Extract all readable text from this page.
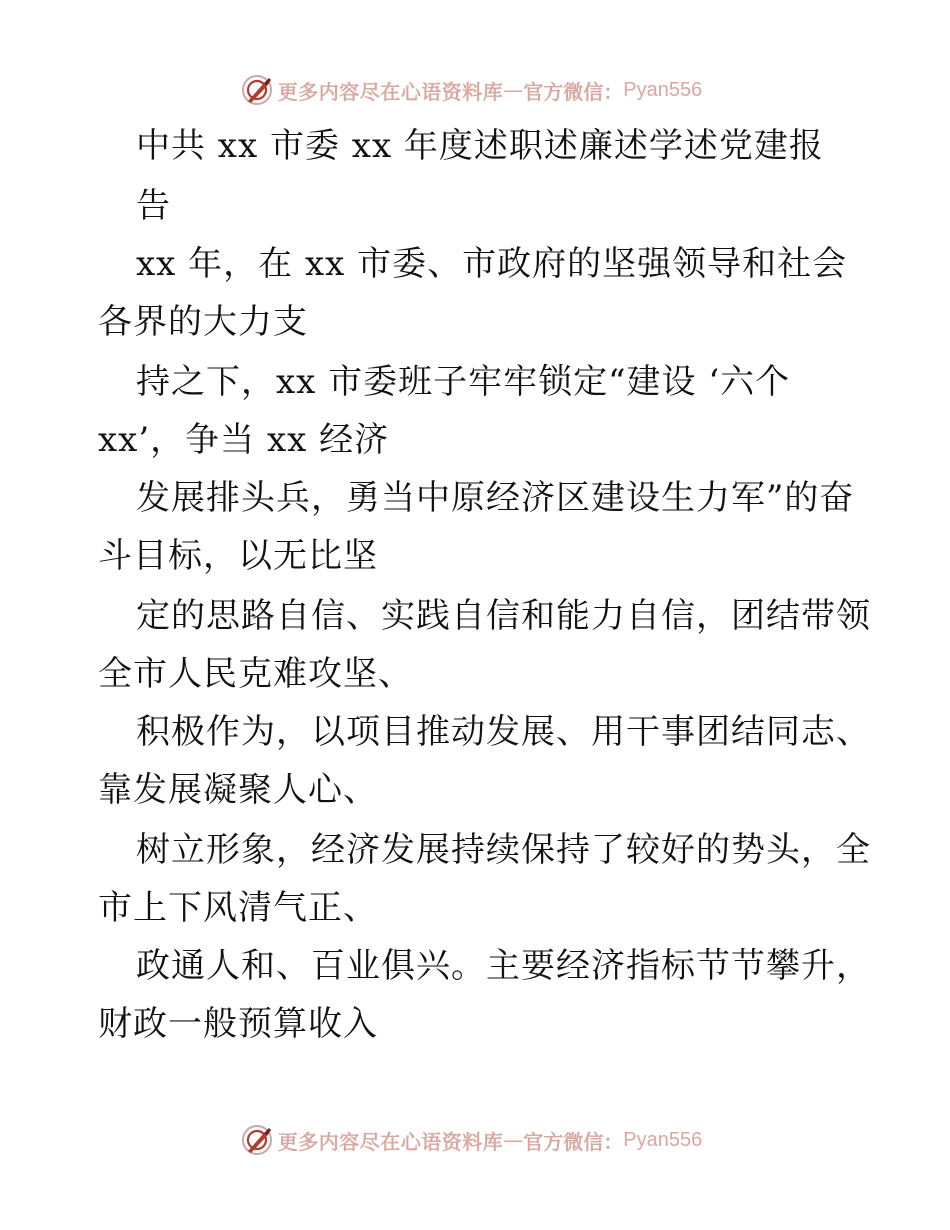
更多内容尽在心语资料库 — 官方微信： Pyan556
中共 xx 市委 xx 年度述职述廉述学述党建报
告
xx 年，在 xx 市委、市政府的坚强领导和社会
各界的大力支
持之下，xx 市委班子牢牢锁定“建设 ‘六个
xx’，争当 xx 经济
发展排头兵，勇当中原经济区建设生力军”的奋
斗目标，以无比坚
定的思路自信、实践自信和能力自信，团结带领
全市人民克难攻坚、
积极作为，以项目推动发展、用干事团结同志、
靠发展凝聚人心、
树立形象，经济发展持续保持了较好的势头，全
市上下风清气正、
政通人和、百业俱兴。主要经济指标节节攀升，
财政一般预算收入
更多内容尽在心语资料库 — 官方微信： Pyan556
